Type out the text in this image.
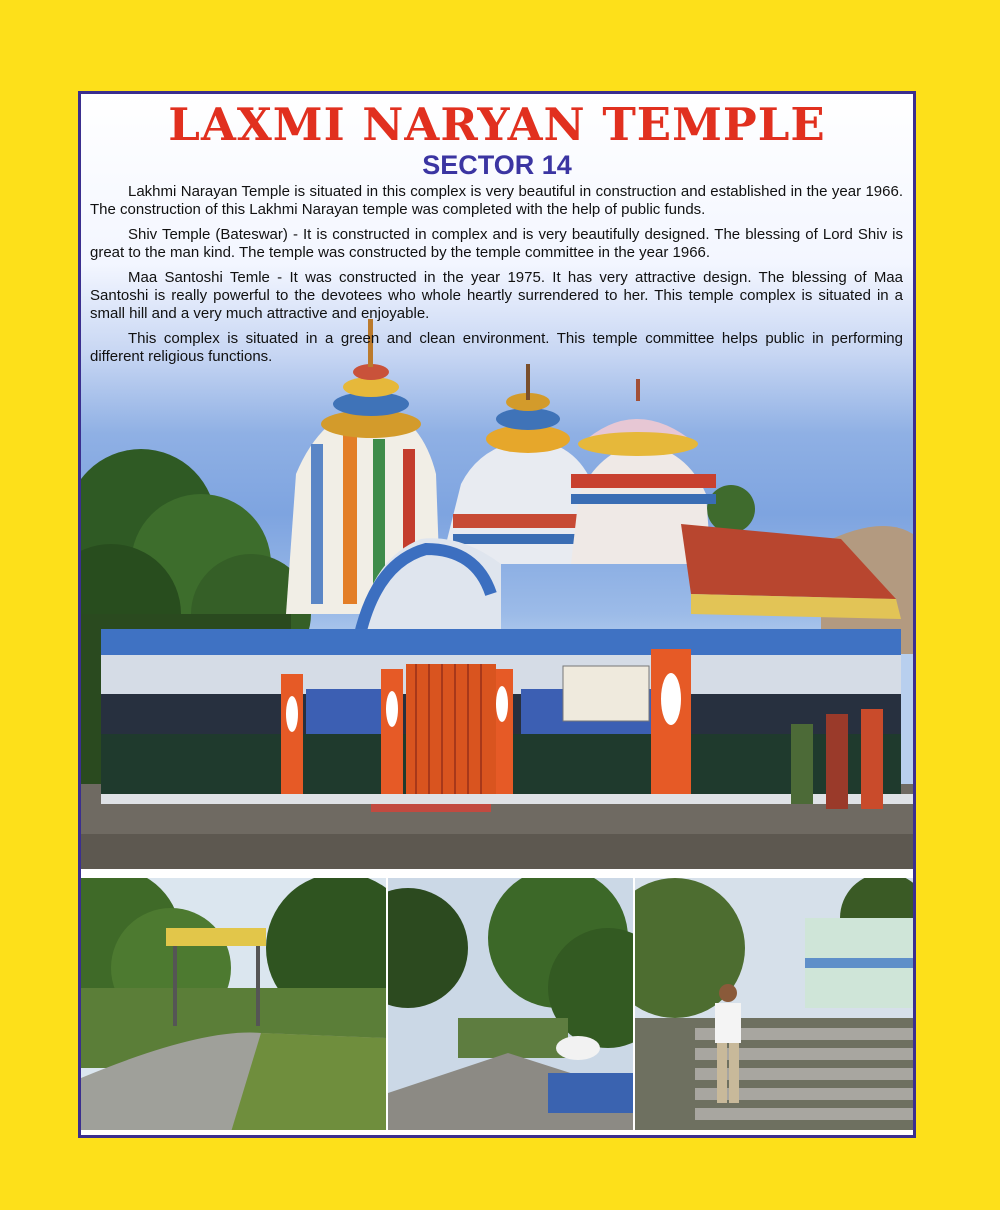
LAXMI NARYAN TEMPLE
SECTOR 14

Lakhmi Narayan Temple is situated in this complex is very beautiful in construction and established in the year 1966. The construction of this Lakhmi Narayan temple was completed with the help of public funds.

Shiv Temple (Bateswar) - It is constructed in complex and is very beautifully designed. The blessing of Lord Shiv is great to the man kind. The temple was constructed by the temple committee in the year 1966.

Maa Santoshi Temle - It was constructed in the year 1975. It has very attractive design. The blessing of Maa Santoshi is really powerful to the devotees who whole heartly surrendered to her. This temple complex is situated in a small hill and a very much attractive and enjoyable.

This complex is situated in a green and clean environment. This temple committee helps public in performing different religious functions.
